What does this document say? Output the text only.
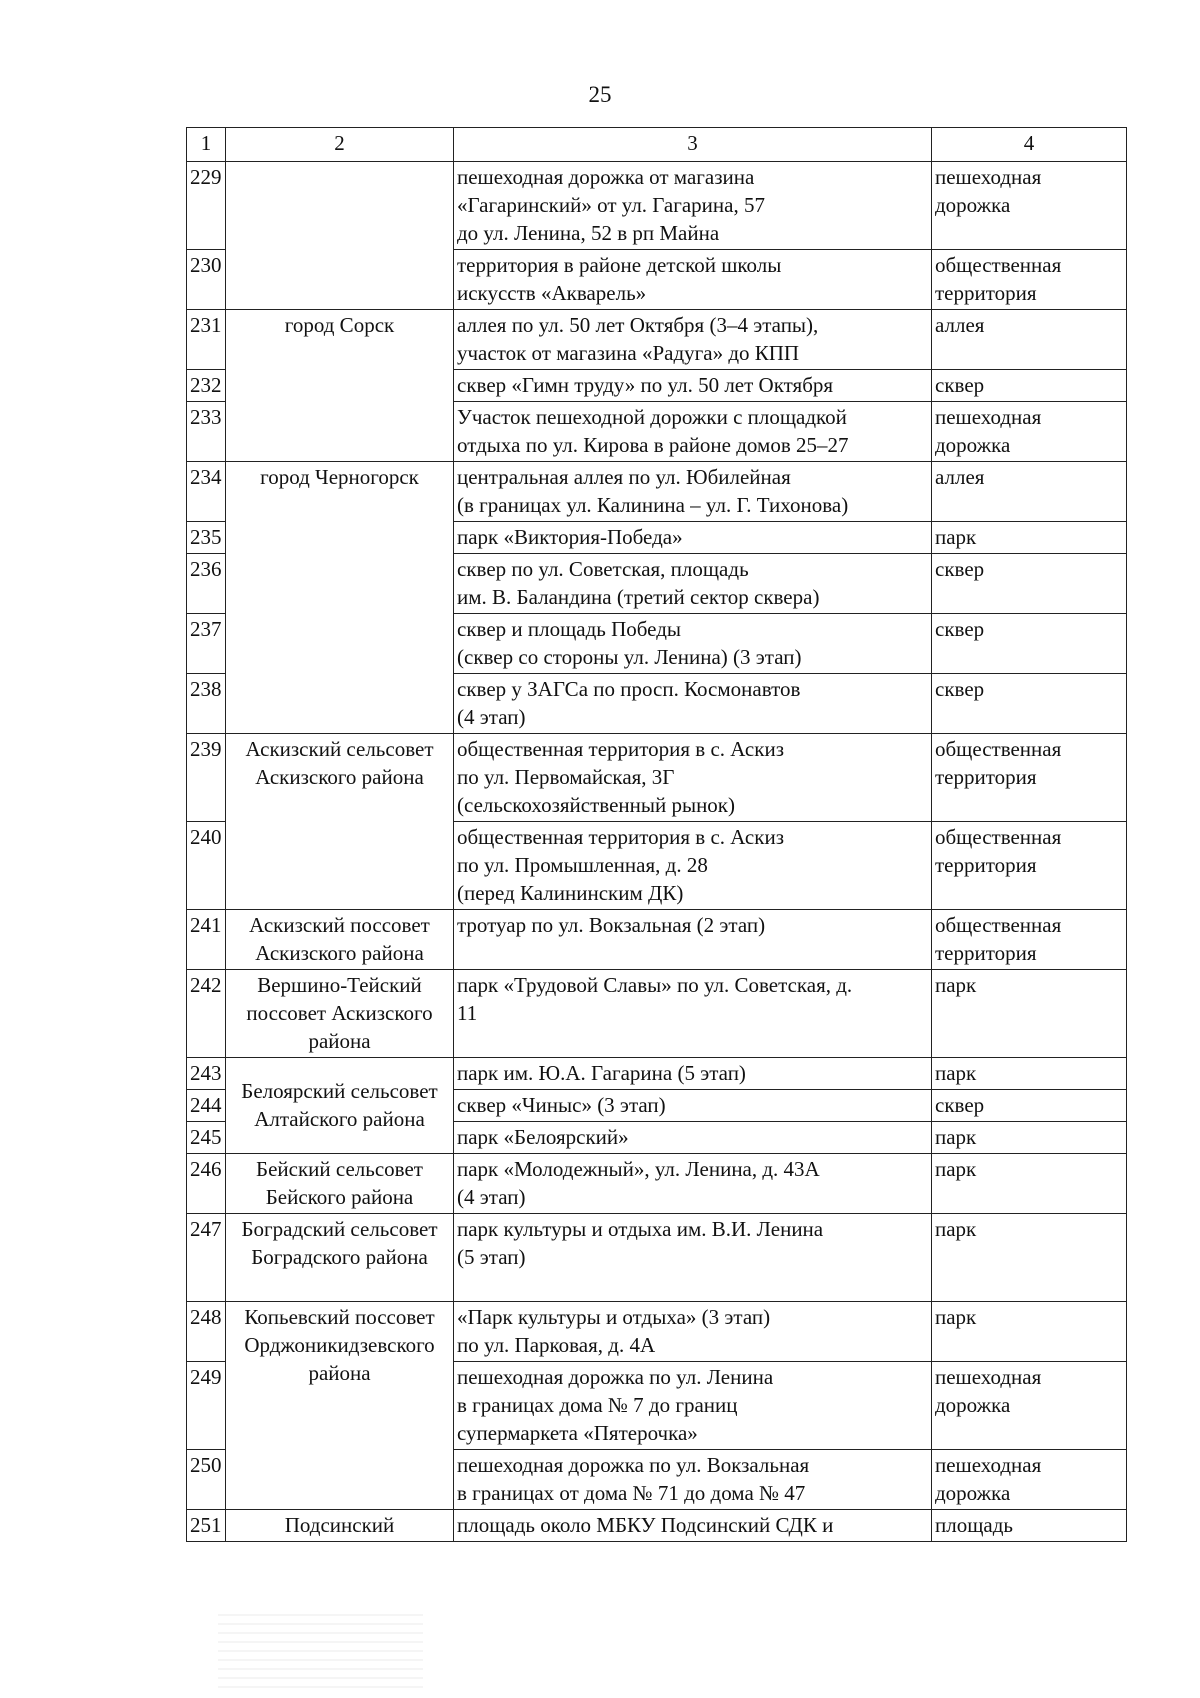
25
1	2	3	4
229		пешеходная дорожка от магазина
«Гагаринский» от ул. Гагарина, 57
до ул. Ленина, 52 в рп Майна	пешеходная
дорожка
230		территория в районе детской школы
искусств «Акварель»	общественная
территория
231	город Сорск	аллея по ул. 50 лет Октября (3–4 этапы),
участок от магазина «Радуга» до КПП	аллея
232		сквер «Гимн труду» по ул. 50 лет Октября	сквер
233		Участок пешеходной дорожки с площадкой
отдыха по ул. Кирова в районе домов 25–27	пешеходная
дорожка
234	город Черногорск	центральная аллея по ул. Юбилейная
(в границах ул. Калинина – ул. Г. Тихонова)	аллея
235		парк «Виктория-Победа»	парк
236		сквер по ул. Советская, площадь
им. В. Баландина (третий сектор сквера)	сквер
237		сквер и площадь Победы
(сквер со стороны ул. Ленина) (3 этап)	сквер
238		сквер у ЗАГСа по просп. Космонавтов
(4 этап)	сквер
239	Аскизский сельсовет Аскизского района	общественная территория в с. Аскиз
по ул. Первомайская, 3Г
(сельскохозяйственный рынок)	общественная
территория
240		общественная территория в с. Аскиз
по ул. Промышленная, д. 28
(перед Калининским ДК)	общественная
территория
241	Аскизский поссовет Аскизского района	тротуар по ул. Вокзальная (2 этап)	общественная
территория
242	Вершино-Тейский поссовет Аскизского района	парк «Трудовой Славы» по ул. Советская, д.
11	парк
243	Белоярский сельсовет Алтайского района	парк им. Ю.А. Гагарина (5 этап)	парк
244		сквер «Чиныс» (3 этап)	сквер
245		парк «Белоярский»	парк
246	Бейский сельсовет Бейского района	парк «Молодежный», ул. Ленина, д. 43А
(4 этап)	парк
247	Боградский сельсовет Боградского района	парк культуры и отдыха им. В.И. Ленина
(5 этап)	парк
248	Копьевский поссовет Орджоникидзевского района	«Парк культуры и отдыха» (3 этап)
по ул. Парковая, д. 4А	парк
249		пешеходная дорожка по ул. Ленина
в границах дома № 7 до границ
супермаркета «Пятерочка»	пешеходная
дорожка
250		пешеходная дорожка по ул. Вокзальная
в границах от дома № 71 до дома № 47	пешеходная
дорожка
251	Подсинский	площадь около МБКУ Подсинский СДК и	площадь
